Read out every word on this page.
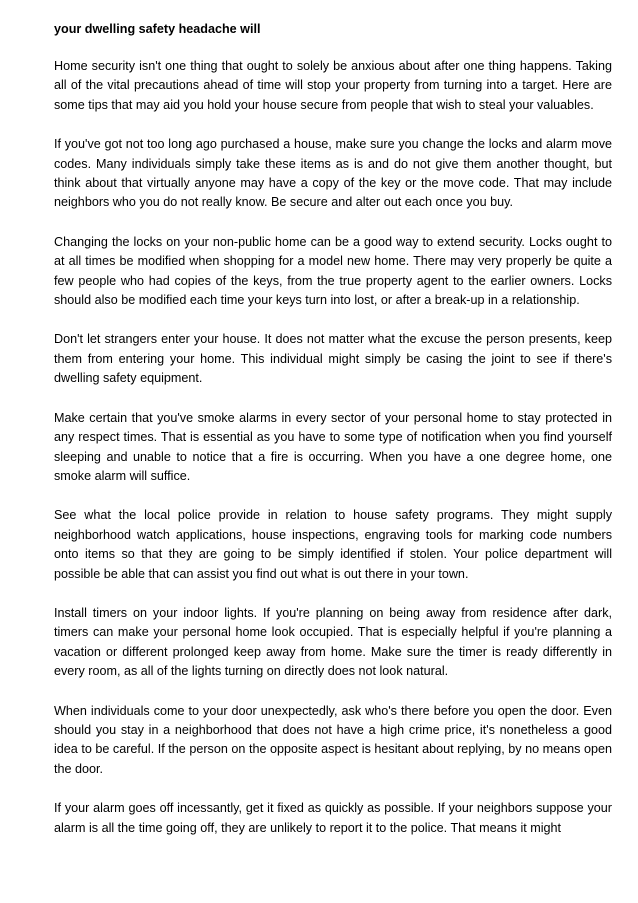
your dwelling safety headache will

Home security isn't one thing that ought to solely be anxious about after one thing happens. Taking all of the vital precautions ahead of time will stop your property from turning into a target. Here are some tips that may aid you hold your house secure from people that wish to steal your valuables.

If you've got not too long ago purchased a house, make sure you change the locks and alarm move codes. Many individuals simply take these items as is and do not give them another thought, but think about that virtually anyone may have a copy of the key or the move code. That may include neighbors who you do not really know. Be secure and alter out each once you buy.

Changing the locks on your non-public home can be a good way to extend security. Locks ought to at all times be modified when shopping for a model new home. There may very properly be quite a few people who had copies of the keys, from the true property agent to the earlier owners. Locks should also be modified each time your keys turn into lost, or after a break-up in a relationship.

Don't let strangers enter your house. It does not matter what the excuse the person presents, keep them from entering your home. This individual might simply be casing the joint to see if there's dwelling safety equipment.

Make certain that you've smoke alarms in every sector of your personal home to stay protected in any respect times. That is essential as you have to some type of notification when you find yourself sleeping and unable to notice that a fire is occurring. When you have a one degree home, one smoke alarm will suffice.

See what the local police provide in relation to house safety programs. They might supply neighborhood watch applications, house inspections, engraving tools for marking code numbers onto items so that they are going to be simply identified if stolen. Your police department will possible be able that can assist you find out what is out there in your town.

Install timers on your indoor lights. If you're planning on being away from residence after dark, timers can make your personal home look occupied. That is especially helpful if you're planning a vacation or different prolonged keep away from home. Make sure the timer is ready differently in every room, as all of the lights turning on directly does not look natural.

When individuals come to your door unexpectedly, ask who's there before you open the door. Even should you stay in a neighborhood that does not have a high crime price, it's nonetheless a good idea to be careful. If the person on the opposite aspect is hesitant about replying, by no means open the door.

If your alarm goes off incessantly, get it fixed as quickly as possible. If your neighbors suppose your alarm is all the time going off, they are unlikely to report it to the police. That means it might
